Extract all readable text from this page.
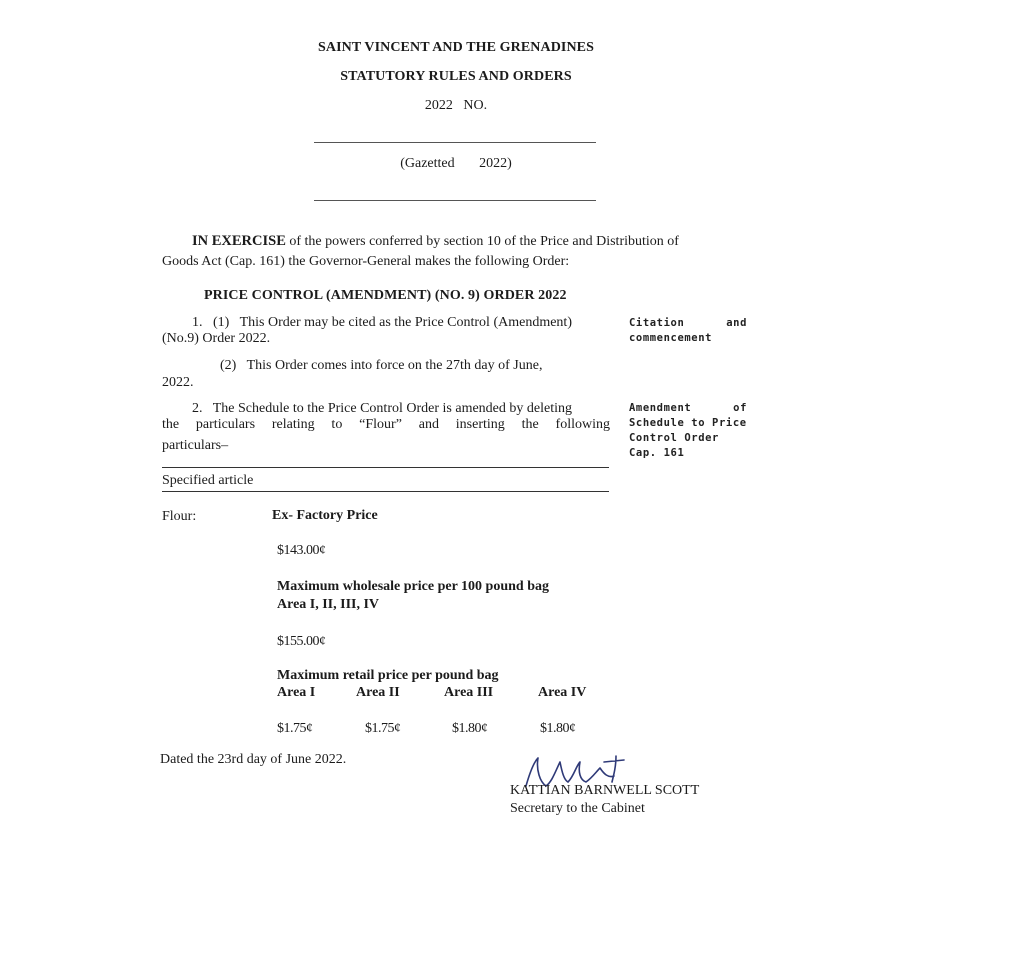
SAINT VINCENT AND THE GRENADINES
STATUTORY RULES AND ORDERS
2022   NO.
(Gazetted       2022)
IN EXERCISE of the powers conferred by section 10 of the Price and Distribution of
Goods Act (Cap. 161) the Governor-General makes the following Order:
PRICE CONTROL (AMENDMENT) (NO. 9) ORDER 2022
1.   (1)   This Order may be cited as the Price Control (Amendment)
(No.9) Order 2022.
Citation	and
commencement
(2)   This Order comes into force on the 27th day of June,
2022.
2.   The Schedule to the Price Control Order is amended by deleting
the particulars relating to “Flour” and inserting the following
particulars–
Amendment	of
Schedule to Price
Control Order
Cap. 161
Specified article
Flour:	Ex- Factory Price
$143.00¢
Maximum wholesale price per 100 pound bag
Area I, II, III, IV
$155.00¢
Maximum retail price per pound bag
Area I	Area II	Area III	Area IV
$1.75¢	$1.75¢	$1.80¢	$1.80¢
Dated the 23rd day of June 2022.
KATTIAN BARNWELL SCOTT
Secretary to the Cabinet
